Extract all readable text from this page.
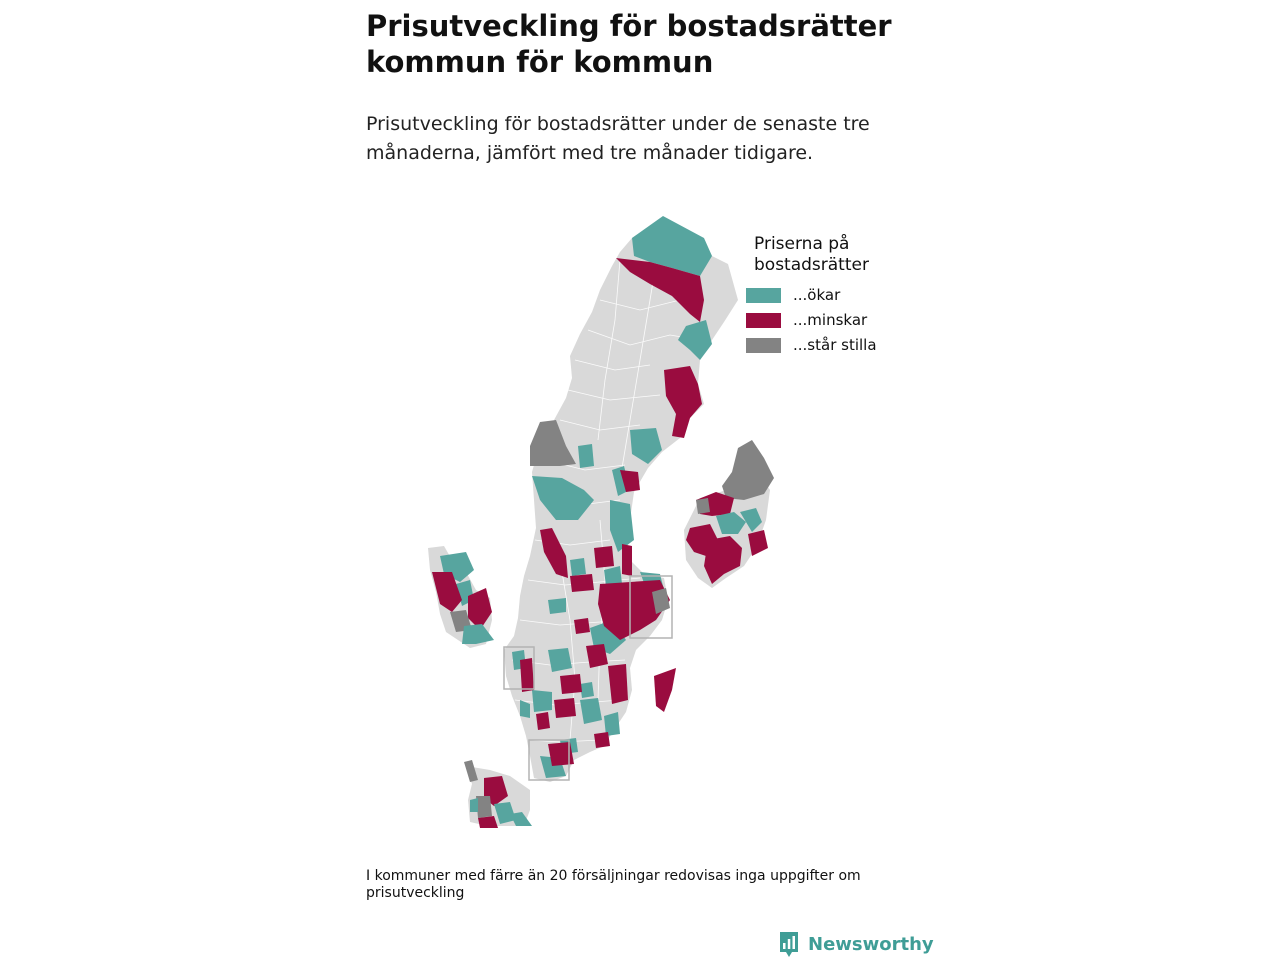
Prisutveckling för bostadsrätter kommun för kommun

Prisutveckling för bostadsrätter under de senaste tre månaderna, jämfört med tre månader tidigare.

Priserna på bostadsrätter
...ökar
...minskar
...står stilla

I kommuner med färre än 20 försäljningar redovisas inga uppgifter om prisutveckling

Newsworthy
